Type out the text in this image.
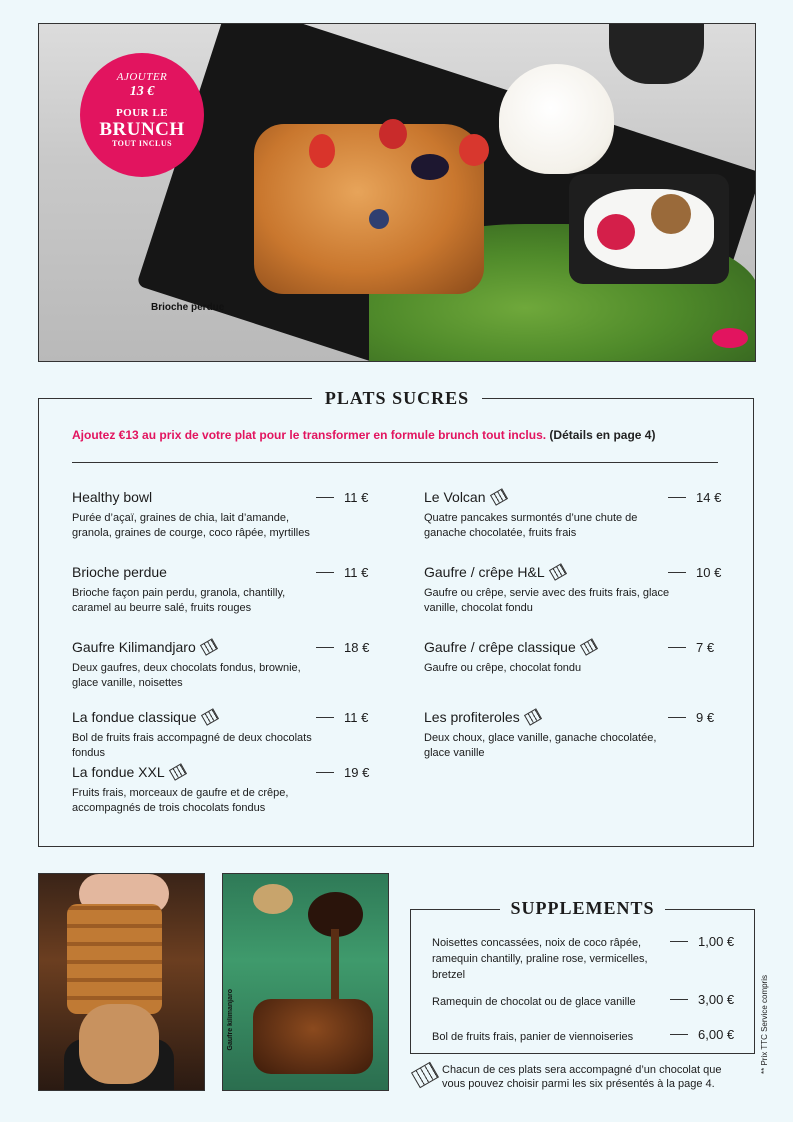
Brioche perdue
AJOUTER
13 €
POUR LE
BRUNCH
TOUT INCLUS
PLATS SUCRES
Ajoutez €13 au prix de votre plat pour le transformer en formule brunch tout inclus. (Détails en page 4)
Healthy bowl
Purée d’açaï, graines de chia, lait d’amande, granola, graines de courge, coco râpée, myrtilles
11 €
Brioche perdue
Brioche façon pain perdu, granola, chantilly, caramel au beurre salé, fruits rouges
11 €
Gaufre Kilimandjaro
Deux gaufres, deux chocolats fondus, brownie, glace vanille, noisettes
18 €
La fondue classique
Bol de fruits frais accompagné de deux chocolats fondus
11 €
La fondue XXL
Fruits frais, morceaux de gaufre et de crêpe, accompagnés de trois chocolats fondus
19 €
Le Volcan
Quatre pancakes surmontés d’une chute de ganache chocolatée, fruits frais
14 €
Gaufre / crêpe H&L
Gaufre ou crêpe, servie avec des fruits frais, glace vanille, chocolat fondu
10 €
Gaufre / crêpe classique
Gaufre ou crêpe, chocolat fondu
7 €
Les profiteroles
Deux choux, glace vanille, ganache chocolatée, glace vanille
9 €
Gaufre kilimanjaro
SUPPLEMENTS
Noisettes concassées, noix de coco râpée, ramequin chantilly, praline rose, vermicelles, bretzel
1,00 €
Ramequin de chocolat ou de glace vanille	3,00 €
Bol de fruits frais, panier de viennoiseries	6,00 €
Chacun de ces plats sera accompagné d’un chocolat que vous pouvez choisir parmi les six présentés à la page 4.
** Prix TTC Service compris
